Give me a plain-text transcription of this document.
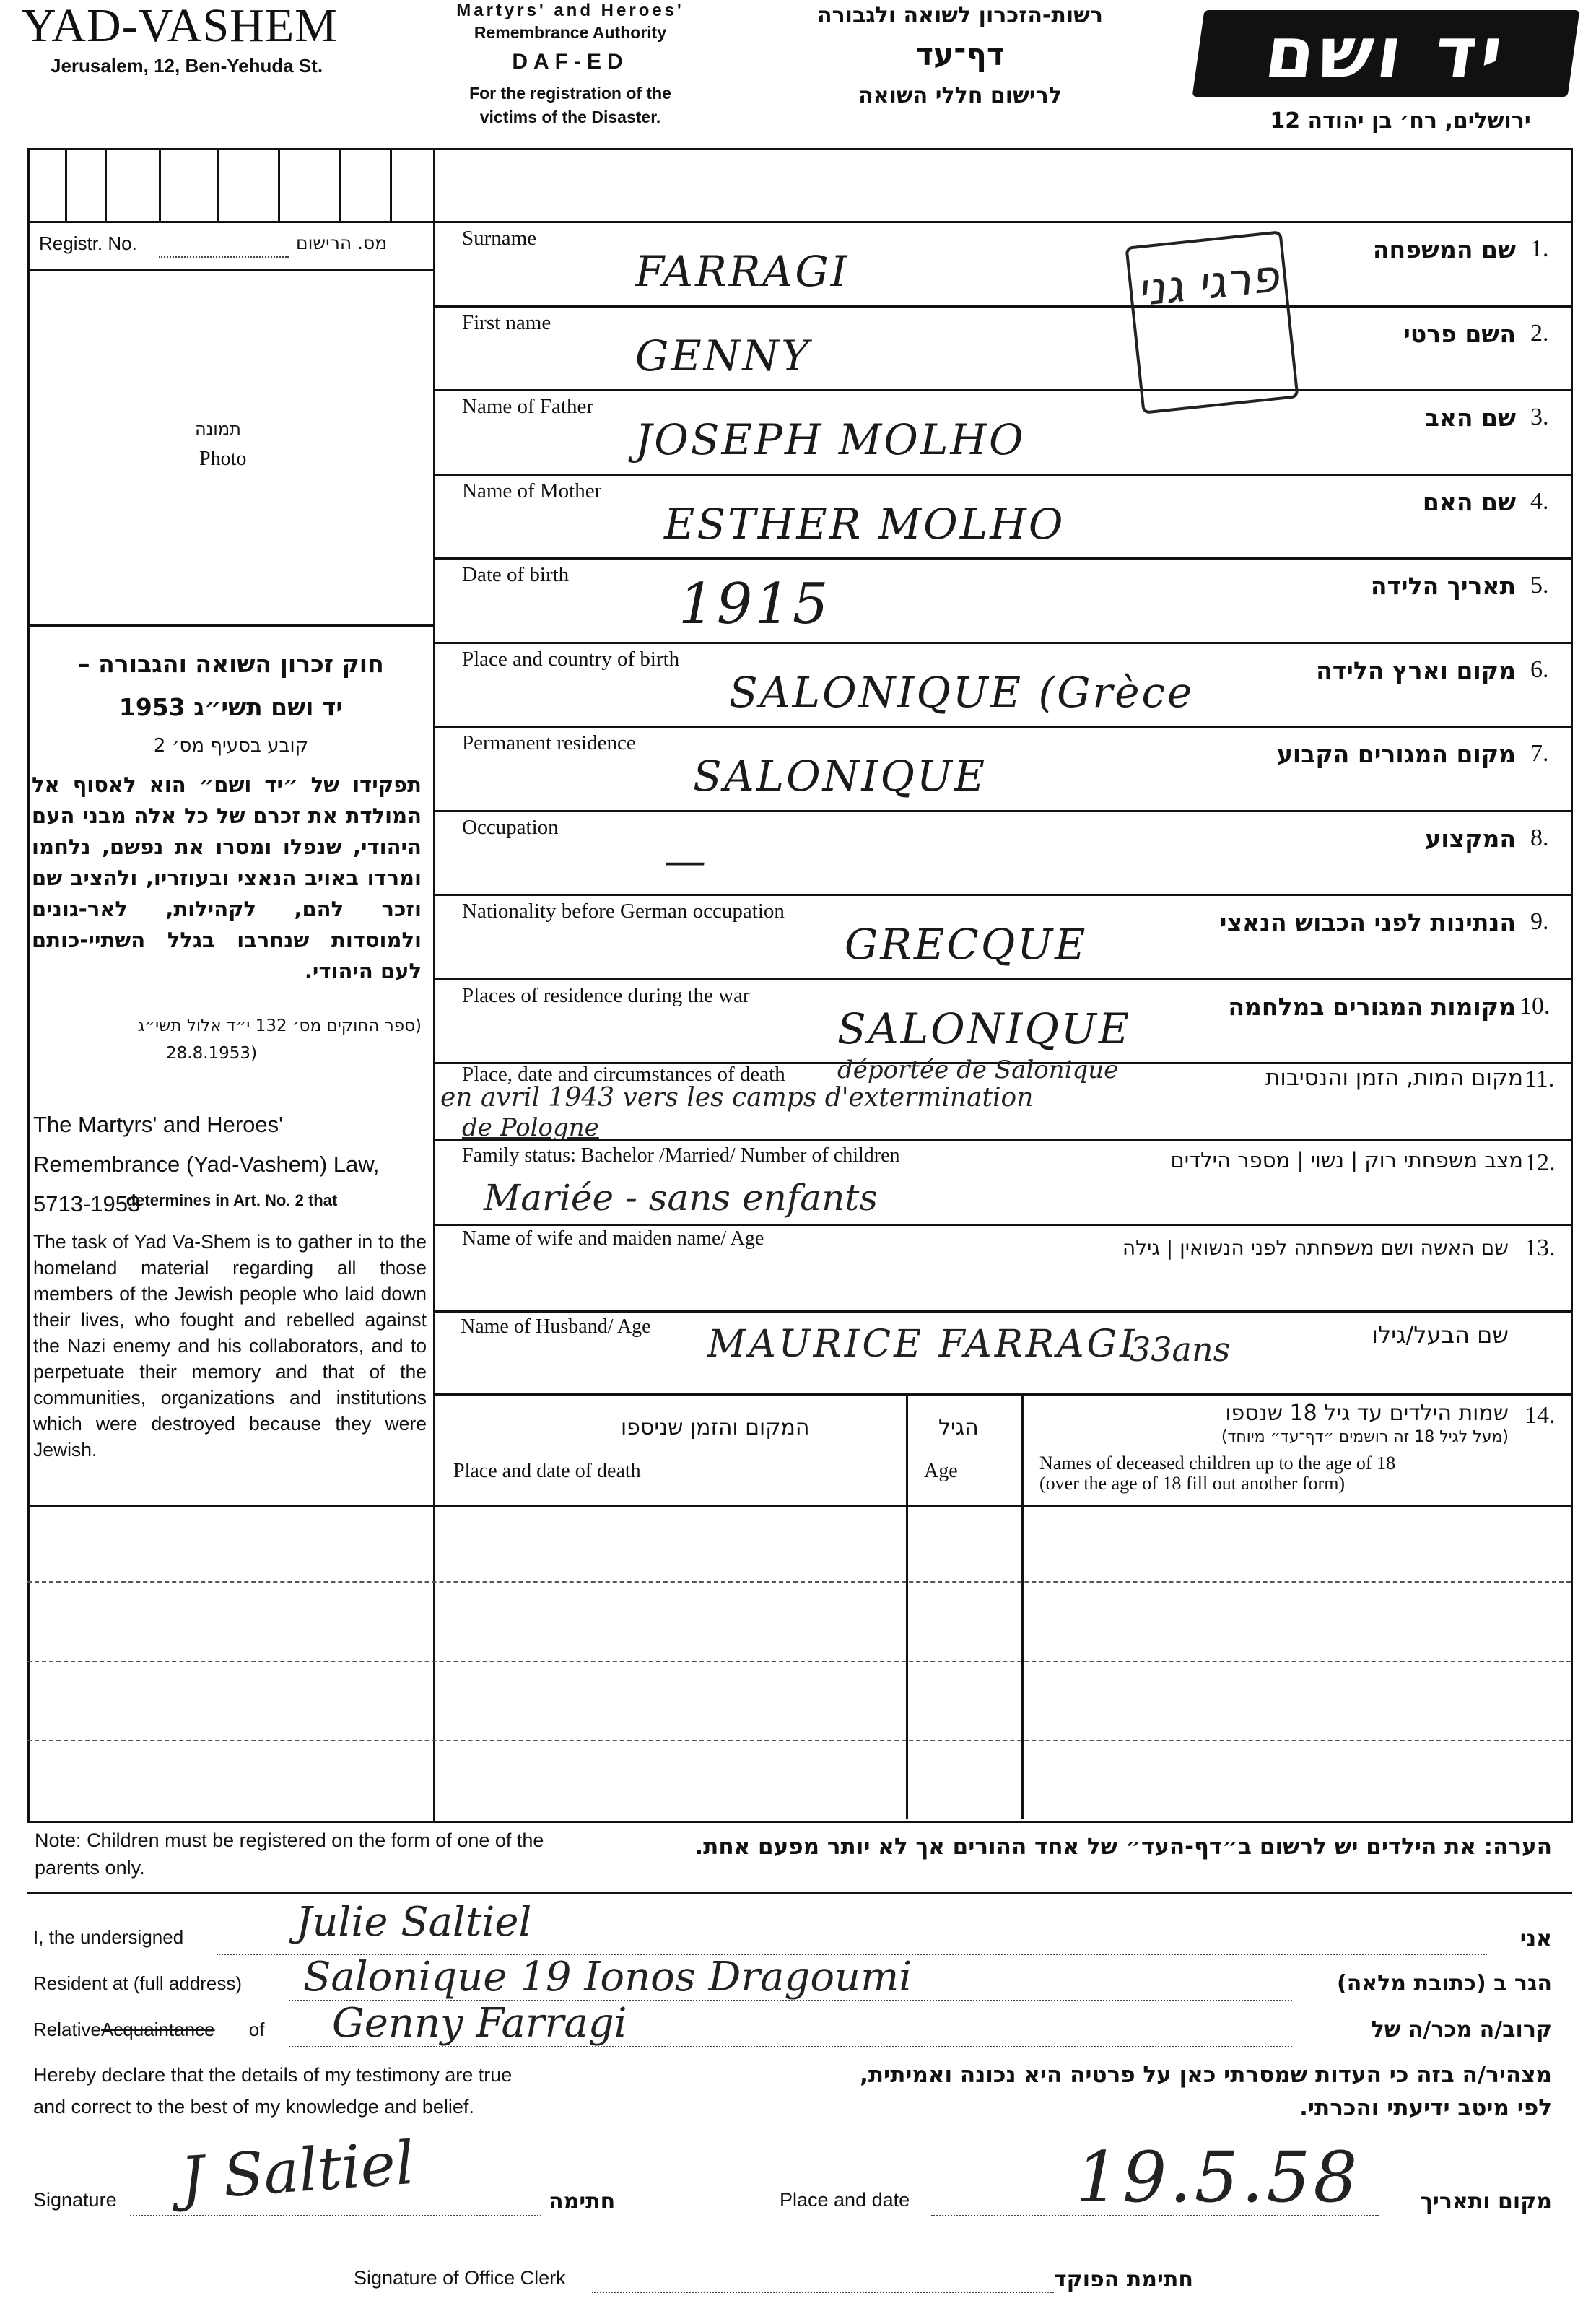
YAD-VASHEM
Jerusalem, 12, Ben-Yehuda St.
Martyrs' and Heroes'
Remembrance Authority
DAF-ED
For the registration of the
victims of the Disaster.
רשות-הזכרון לשואה ולגבורה
דף־עד
לרישום חללי השואה
יד ושם
ירושלים, רח׳ בן יהודה 12
Registr. No.	מס. הרישום
תמונה
Photo
חוק זכרון השואה והגבורה –
יד ושם תשי״ג 1953
קובע בסעיף מס׳ 2
תפקידו של ״יד ושם״ הוא לאסוף אל המולדת את זכרם של כל אלה מבני העם היהודי, שנפלו ומסרו את נפשם, נלחמו ומרדו באויב הנאצי ובעוזריו, ולהציב שם וזכר להם, לקהילות, לאר-גונים ולמוסדות שנחרבו בגלל השתיי-כותם לעם היהודי.
(ספר החוקים מס׳ 132 י״ד אלול תשי״ג
(28.8.1953
The Martyrs' and Heroes' Remembrance (Yad-Vashem) Law, 5713-1953
determines in Art. No. 2 that
The task of Yad Va-Shem is to gather in to the homeland material regarding all those members of the Jewish people who laid down their lives, who fought and rebelled against the Nazi enemy and his collaborators, and to perpetuate their memory and that of the communities, organizations and institutions which were destroyed because they were Jewish.
Surname	שם המשפחה 1.
FARRAGI
First name	השם פרטי 2.
GENNY
Name of Father	שם האב 3.
JOSEPH MOLHO
Name of Mother	שם האם 4.
ESTHER MOLHO
Date of birth	תאריך הלידה 5.
1915
Place and country of birth	מקום וארץ הלידה 6.
SALONIQUE (Grèce
Permanent residence	מקום המגורים הקבוע 7.
SALONIQUE
Occupation	המקצוע 8.
—
Nationality before German occupation	הנתינות לפני הכבוש הנאצי 9.
GRECQUE
Places of residence during the war	מקומות המגורים במלחמה 10.
SALONIQUE
Place, date and circumstances of death	מקום המות, הזמן והנסיבות 11.
déportée de Salonique
en avril 1943 vers les camps d'extermination
de Pologne
Family status: Bachelor /Married/ Number of children	מצב משפחתי רוק | נשוי | מספר הילדים 12.
Mariée - sans enfants
Name of wife and maiden name/ Age	שם האשה ושם משפחתה לפני הנשואין | גילה 13.
Name of Husband/ Age	שם הבעל/גילו
MAURICE FARRAGI
33ans
פרגי גני
המקום והזמן שניספו
Place and date of death
הגיל
Age
שמות הילדים עד גיל 18 שנספו
(מעל לגיל 18 זה רושמים ״דף־עד״ מיוחד)
14.
Names of deceased children up to the age of 18
(over the age of 18 fill out another form)
Note: Children must be registered on the form of one of the parents only.
הערה: את הילדים יש לרשום ב״דף-העד״ של אחד ההורים אך לא יותר מפעם אחת.
I, the undersigned	Julie Saltiel	אני
Resident at (full address) Salonique 19 Ionos Dragoumi	הגר ב (כתובת מלאה)
RelativeAcquaintance of Genny Farragi	קרוב/ה מכר/ה של
Hereby declare that the details of my testimony are true
and correct to the best of my knowledge and belief.
מצהיר/ה בזה כי העדות שמסרתי כאן על פרטיה היא נכונה ואמיתית,
לפי מיטב ידיעתי והכרתי.
Signature J Saltiel	חתימה	Place and date 19.5.58	מקום ותאריך
Signature of Office Clerk	חתימת הפוקד
